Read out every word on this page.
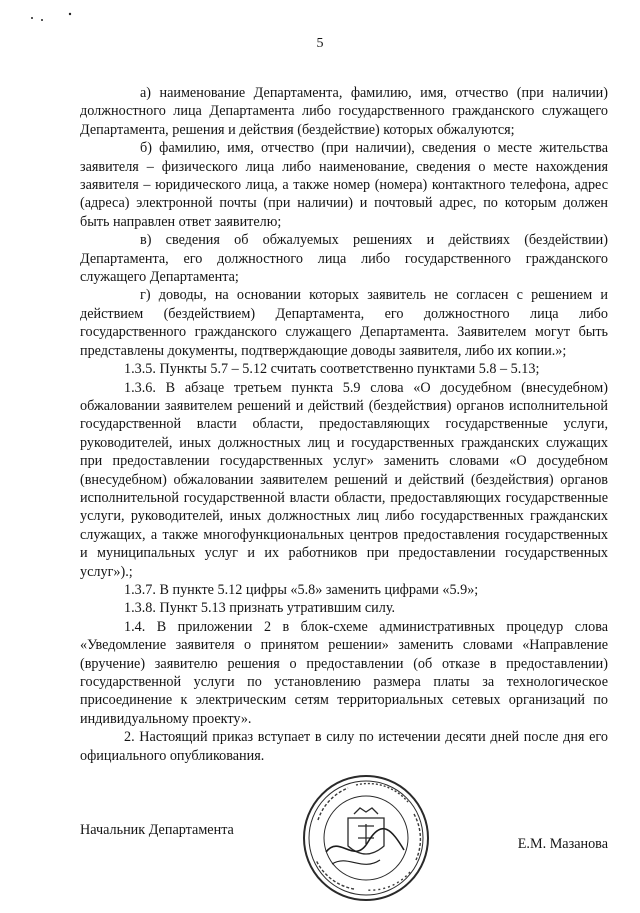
5

а) наименование Департамента, фамилию, имя, отчество (при наличии) должностного лица Департамента либо государственного гражданского служащего Департамента, решения и действия (бездействие) которых обжалуются;

б) фамилию, имя, отчество (при наличии), сведения о месте жительства заявителя – физического лица либо наименование, сведения о месте нахождения заявителя – юридического лица, а также номер (номера) контактного телефона, адрес (адреса) электронной почты (при наличии) и почтовый адрес, по которым должен быть направлен ответ заявителю;

в) сведения об обжалуемых решениях и действиях (бездействии) Департамента, его должностного лица либо государственного гражданского служащего Департамента;

г) доводы, на основании которых заявитель не согласен с решением и действием (бездействием) Департамента, его должностного лица либо государственного гражданского служащего Департамента. Заявителем могут быть представлены документы, подтверждающие доводы заявителя, либо их копии.»;

1.3.5. Пункты 5.7 – 5.12 считать соответственно пунктами 5.8 – 5.13;

1.3.6. В абзаце третьем пункта 5.9 слова «О досудебном (внесудебном) обжаловании заявителем решений и действий (бездействия) органов исполнительной государственной власти области, предоставляющих государственные услуги, руководителей, иных должностных лиц и государственных гражданских служащих при предоставлении государственных услуг» заменить словами «О досудебном (внесудебном) обжаловании заявителем решений и действий (бездействия) органов исполнительной государственной власти области, предоставляющих государственные услуги, руководителей, иных должностных лиц либо государственных гражданских служащих, а также многофункциональных центров предоставления государственных и муниципальных услуг и их работников при предоставлении государственных услуг»).;

1.3.7. В пункте 5.12 цифры «5.8» заменить цифрами «5.9»;

1.3.8. Пункт 5.13 признать утратившим силу.

1.4. В приложении 2 в блок-схеме административных процедур слова «Уведомление заявителя о принятом решении» заменить словами «Направление (вручение) заявителю решения о предоставлении (об отказе в предоставлении) государственной услуги по установлению размера платы за технологическое присоединение к электрическим сетям территориальных сетевых организаций по индивидуальному проекту».

2. Настоящий приказ вступает в силу по истечении десяти дней после дня его официального опубликования.

Начальник Департамента
Е.М. Мазанова
